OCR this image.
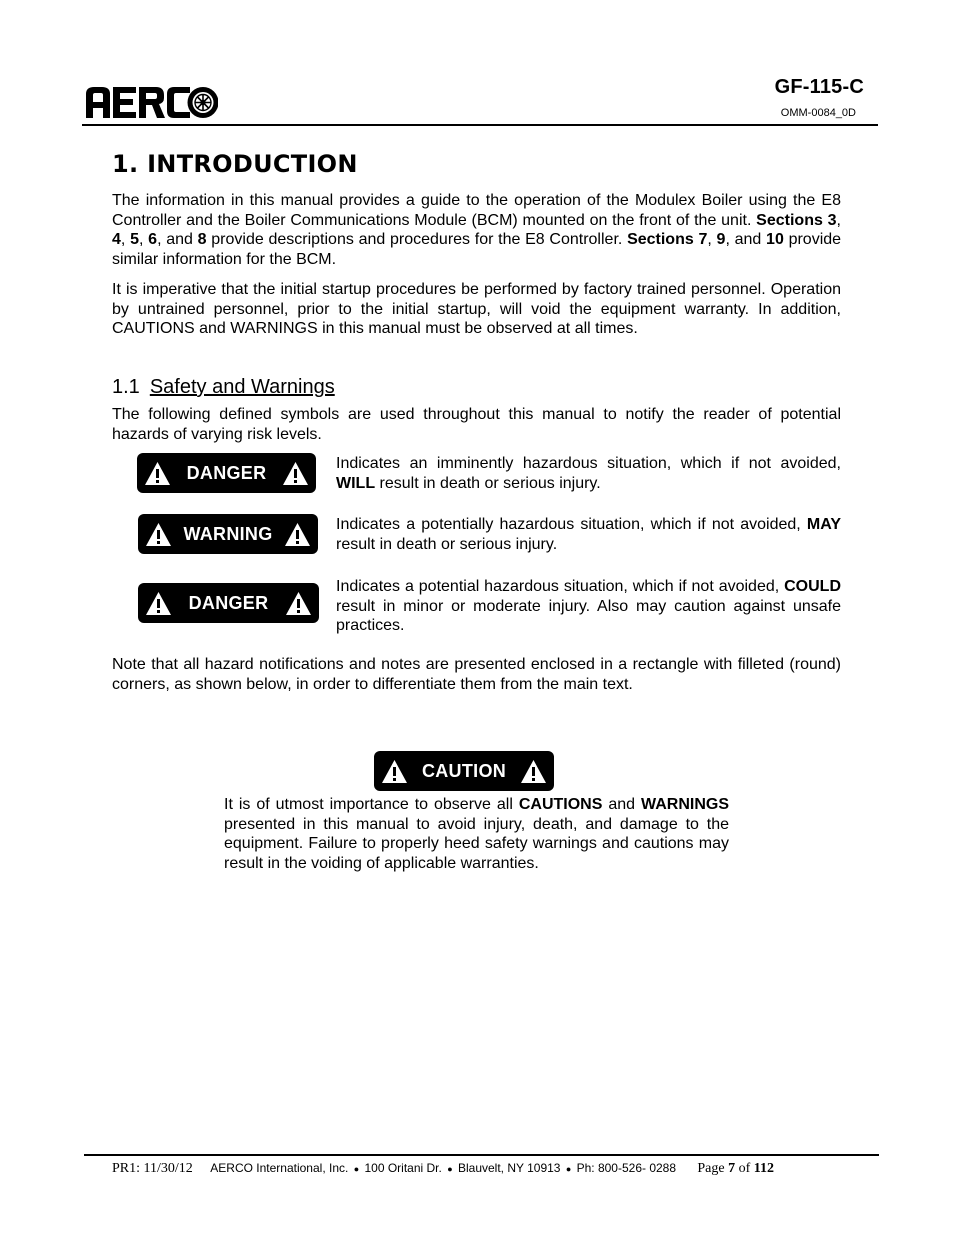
GF-115-C
OMM-0084_0D
1. INTRODUCTION

The information in this manual provides a guide to the operation of the Modulex Boiler using the E8 Controller and the Boiler Communications Module (BCM) mounted on the front of the unit. Sections 3, 4, 5, 6, and 8 provide descriptions and procedures for the E8 Controller. Sections 7, 9, and 10 provide similar information for the BCM.

It is imperative that the initial startup procedures be performed by factory trained personnel. Operation by untrained personnel, prior to the initial startup, will void the equipment warranty. In addition, CAUTIONS and WARNINGS in this manual must be observed at all times.

1.1 Safety and Warnings

The following defined symbols are used throughout this manual to notify the reader of potential hazards of varying risk levels.

DANGER	Indicates an imminently hazardous situation, which if not avoided, WILL result in death or serious injury.

WARNING	Indicates a potentially hazardous situation, which if not avoided, MAY result in death or serious injury.

DANGER

Indicates a potential hazardous situation, which if not avoided, COULD result in minor or moderate injury. Also may caution against unsafe practices.

Note that all hazard notifications and notes are presented enclosed in a rectangle with filleted (round) corners, as shown below, in order to differentiate them from the main text.

CAUTION

It is of utmost importance to observe all CAUTIONS and WARNINGS presented in this manual to avoid injury, death, and damage to the equipment. Failure to properly heed safety warnings and cautions may result in the voiding of applicable warranties.

PR1: 11/30/12 AERCO International, Inc. ● 100 Oritani Dr. ● Blauvelt, NY 10913 ● Ph: 800-526- 0288 Page 7 of 112
